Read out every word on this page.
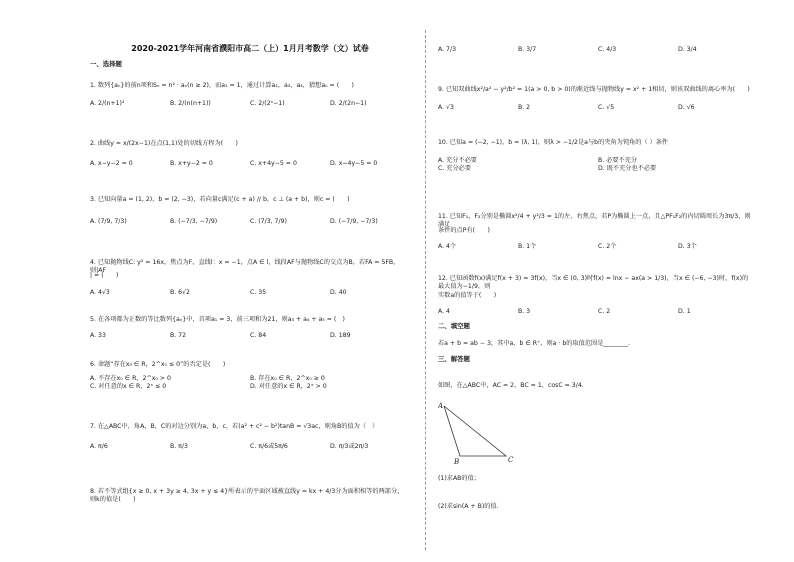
2020-2021学年河南省濮阳市高二（上）1月月考数学（文）试卷
一、选择题
1. 数列{aₙ}的前n项和Sₙ = n² · aₙ(n ≥ 2)，而a₁ = 1，通过计算a₂，a₃，a₄，猜想aₙ = (　　)
A. 2/(n+1)²	B. 2/(n(n+1))	C. 2/(2ⁿ−1)	D. 2/(2n−1)
2. 曲线y = x/(2x−1)在点(1,1)处的切线方程为(　　)
A. x−y−2 = 0	B. x+y−2 = 0	C. x+4y−5 = 0	D. x−4y−5 = 0
3. 已知向量a = (1, 2)，b = (2, −3)，若向量c满足(c + a) // b，c ⊥ (a + b)，则c = (　　)
A. (7/9, 7/3)	B. (−7/3, −7/9)	C. (7/3, 7/9)	D. (−7/9, −7/3)
4. 已知抛物线C: y² = 16x，焦点为F，直线l：x = −1，点A ∈ l，线段AF与抛物线C的交点为B，若FA = 5FB，则|AF
| = (　　)
A. 4√3	B. 6√2	C. 35	D. 40
5. 在各项都为正数的等比数列{aₙ}中，首项a₁ = 3，前三项和为21，则a₃ + a₄ + a₅ = (　)
A. 33	B. 72	C. 84	D. 189
6. 命题“存在x₀ ∈ R，2^x₀ ≤ 0”的否定是(　　)
A. 不存在x₀ ∈ R，2^x₀ > 0	B. 存在x₀ ∈ R，2^x₀ ≥ 0
C. 对任意的x ∈ R，2ˣ ≤ 0	D. 对任意的x ∈ R，2ˣ > 0
7. 在△ABC中，角A，B，C的对边分别为a，b，c，若(a² + c² − b²)tanB = √3ac，则角B的值为（　）
A. π/6	B. π/3	C. π/6或5π/6	D. π/3或2π/3
8. 若不等式组{x ≥ 0, x + 3y ≥ 4, 3x + y ≤ 4}所表示的平面区域被直线y = kx + 4/3分为面积相等的两部分，则k的值是(　　)
A. 7/3	B. 3/7	C. 4/3	D. 3/4
9. 已知双曲线x²/a² − y²/b² = 1(a > 0, b > 0)的渐近线与抛物线y = x² + 1相切，则该双曲线的离心率为(　　)
A. √3	B. 2	C. √5	D. √6
10. 已知a = (−2, −1)，b = (λ, 1)，则λ > −1/2是a与b的夹角为钝角的（ ）条件
A. 充分不必要	B. 必要不充分
C. 充分必要	D. 既不充分也不必要
11. 已知F₁，F₂分别是椭圆x²/4 + y²/3 = 1的左、右焦点，若P为椭圆上一点，且△PF₁F₂的内切圆周长为3π/3，则满足
条件的点P有(　　)
A. 4个	B. 1个	C. 2个	D. 3个
12. 已知函数f(x)满足f(x + 3) = 3f(x)，当x ∈ (0, 3)时f(x) = lnx − ax(a > 1/3)，当x ∈ (−6, −3)时，f(x)的最大值为−1/9，则
实数a的值等于(　　)
A. 4	B. 3	C. 2	D. 1
二、填空题
若a + b = ab − 3，其中a，b ∈ R⁺，则a · b的取值范围是________.
三、解答题
如图，在△ABC中，AC = 2，BC = 1，cosC = 3/4.
(1)求AB的值；
(2)求sin(A + B)的值.
A
B	C
